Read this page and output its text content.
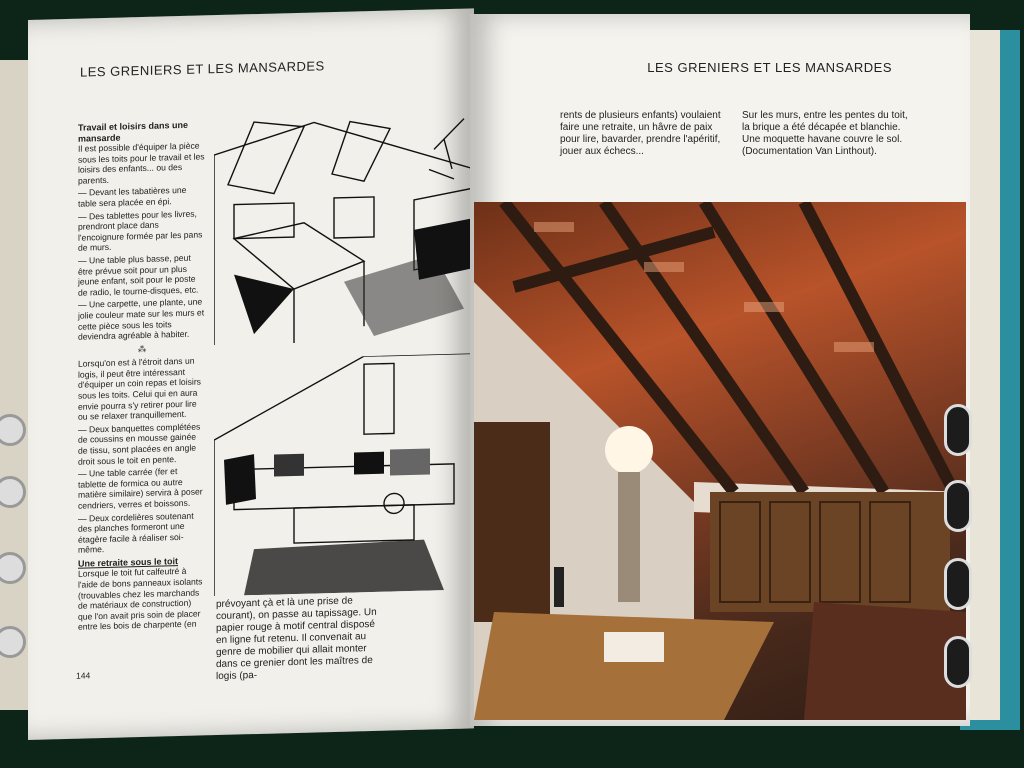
LES GRENIERS ET LES MANSARDES
Travail et loisirs dans une mansarde

Il est possible d'équiper la pièce sous les toits pour le travail et les loisirs des enfants... ou des parents.

— Devant les tabatières une table sera placée en épi.

— Des tablettes pour les livres, prendront place dans l'encoignure formée par les pans de murs.

— Une table plus basse, peut être prévue soit pour un plus jeune enfant, soit pour le poste de radio, le tourne-disques, etc.

— Une carpette, une plante, une jolie couleur mate sur les murs et cette pièce sous les toits deviendra agréable à habiter.

⁂

Lorsqu'on est à l'étroit dans un logis, il peut être intéressant d'équiper un coin repas et loisirs sous les toits. Celui qui en aura envie pourra s'y retirer pour lire ou se relaxer tranquillement.

— Deux banquettes complétées de coussins en mousse gainée de tissu, sont placées en angle droit sous le toit en pente.

— Une table carrée (fer et tablette de formica ou autre matière similaire) servira à poser cendriers, verres et boissons.

— Deux cordelières soutenant des planches formeront une étagère facile à réaliser soi-même.

Une retraite sous le toit

Lorsque le toit fut calfeutré à l'aide de bons panneaux isolants (trouvables chez les marchands de matériaux de construction) que l'on avait pris soin de placer entre les bois de charpente (en

144
prévoyant çà et là une prise de courant), on passe au tapissage. Un papier rouge à motif central disposé en ligne fut retenu. Il convenait au genre de mobilier qui allait monter dans ce grenier dont les maîtres de logis (pa-
LES GRENIERS ET LES MANSARDES
rents de plusieurs enfants) voulaient faire une retraite, un hâvre de paix pour lire, bavarder, prendre l'apéritif, jouer aux échecs...
Sur les murs, entre les pentes du toit, la brique a été décapée et blanchie. Une moquette havane couvre le sol. (Documentation Van Linthout).
